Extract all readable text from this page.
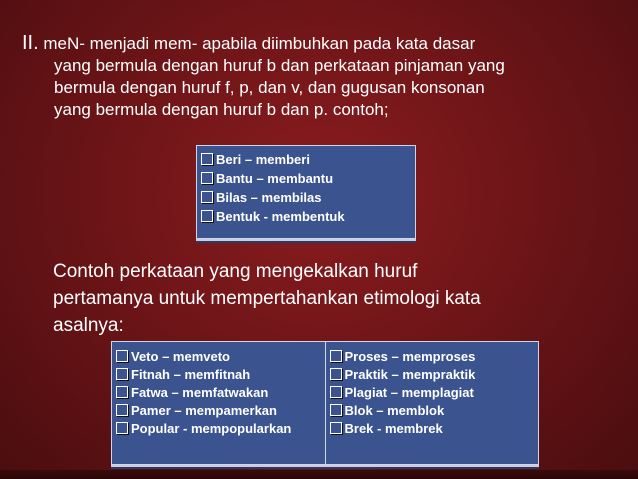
II. meN- menjadi mem- apabila diimbuhkan pada kata dasar
yang bermula dengan huruf b dan perkataan pinjaman yang
bermula dengan huruf f, p, dan v, dan gugusan konsonan
yang bermula dengan huruf b dan p. contoh;
Beri – memberi
Bantu – membantu
Bilas – membilas
Bentuk - membentuk
Contoh perkataan yang mengekalkan huruf
pertamanya untuk mempertahankan etimologi kata
asalnya:
Veto – memveto
Fitnah – memfitnah
Fatwa – memfatwakan
Pamer – mempamerkan
Popular - mempopularkan
Proses – memproses
Praktik – mempraktik
Plagiat – memplagiat
Blok – memblok
Brek - membrek
